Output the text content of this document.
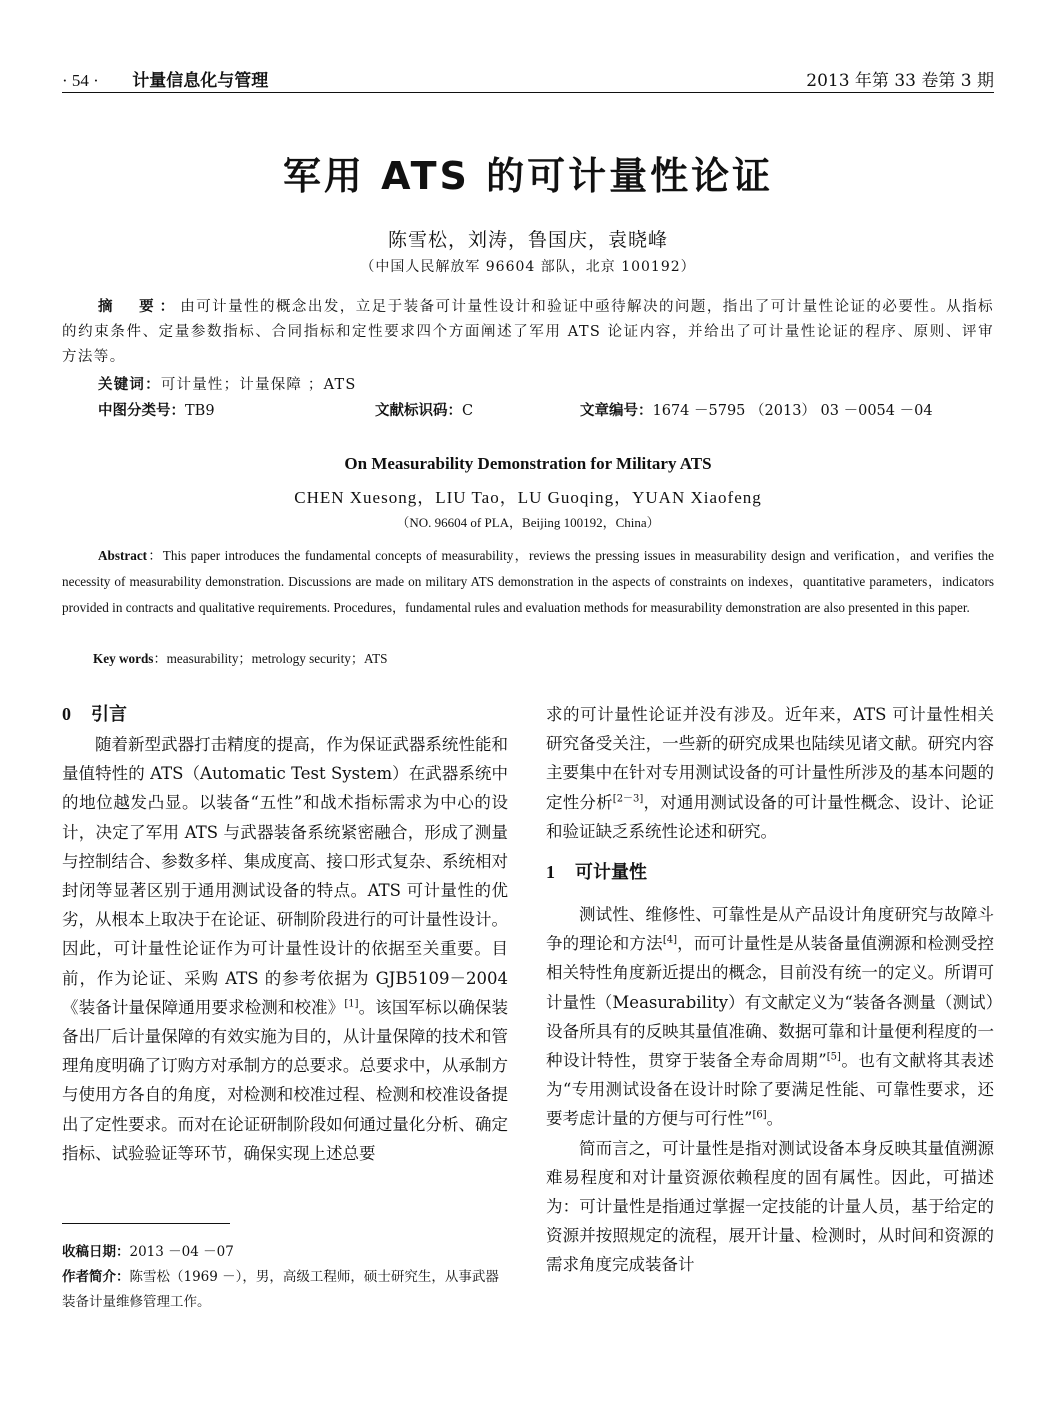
· 54 · 计量信息化与管理	2013 年第 33 卷第 3 期
军用 ATS 的可计量性论证
陈雪松，刘涛，鲁国庆，袁晓峰
（中国人民解放军 96604 部队，北京 100192）
摘　要：由可计量性的概念出发，立足于装备可计量性设计和验证中亟待解决的问题，指出了可计量性论证的必要性。从指标的约束条件、定量参数指标、合同指标和定性要求四个方面阐述了军用 ATS 论证内容，并给出了可计量性论证的程序、原则、评审方法等。
关键词：可计量性；计量保障 ；ATS
中图分类号：TB9	文献标识码：C	文章编号：1674 －5795 （2013） 03 －0054 －04
On Measurability Demonstration for Military ATS
CHEN Xuesong，LIU Tao，LU Guoqing，YUAN Xiaofeng
（NO. 96604 of PLA，Beijing 100192，China）
Abstract：This paper introduces the fundamental concepts of measurability，reviews the pressing issues in measurability design and verification，and verifies the necessity of measurability demonstration. Discussions are made on military ATS demonstration in the aspects of constraints on indexes，quantitative parameters，indicators provided in contracts and qualitative requirements. Procedures，fundamental rules and evaluation methods for measurability demonstration are also presented in this paper.
Key words：measurability；metrology security；ATS
0 引言

随着新型武器打击精度的提高，作为保证武器系统性能和量值特性的 ATS（Automatic Test System）在武器系统中的地位越发凸显。以装备“五性”和战术指标需求为中心的设计，决定了军用 ATS 与武器装备系统紧密融合，形成了测量与控制结合、参数多样、集成度高、接口形式复杂、系统相对封闭等显著区别于通用测试设备的特点。ATS 可计量性的优劣，从根本上取决于在论证、研制阶段进行的可计量性设计。因此，可计量性论证作为可计量性设计的依据至关重要。目前，作为论证、采购 ATS 的参考依据为 GJB5109－2004《装备计量保障通用要求检测和校准》[1]。该国军标以确保装备出厂后计量保障的有效实施为目的，从计量保障的技术和管理角度明确了订购方对承制方的总要求。总要求中，从承制方与使用方各自的角度，对检测和校准过程、检测和校准设备提出了定性要求。而对在论证研制阶段如何通过量化分析、确定指标、试验验证等环节，确保实现上述总要

求的可计量性论证并没有涉及。近年来，ATS 可计量性相关研究备受关注，一些新的研究成果也陆续见诸文献。研究内容主要集中在针对专用测试设备的可计量性所涉及的基本问题的定性分析[2－3]，对通用测试设备的可计量性概念、设计、论证和验证缺乏系统性论述和研究。

1 可计量性

测试性、维修性、可靠性是从产品设计角度研究与故障斗争的理论和方法[4]，而可计量性是从装备量值溯源和检测受控相关特性角度新近提出的概念，目前没有统一的定义。所谓可计量性（Measurability）有文献定义为“装备各测量（测试）设备所具有的反映其量值准确、数据可靠和计量便利程度的一种设计特性，贯穿于装备全寿命周期”[5]。也有文献将其表述为“专用测试设备在设计时除了要满足性能、可靠性要求，还要考虑计量的方便与可行性”[6]。

简而言之，可计量性是指对测试设备本身反映其量值溯源难易程度和对计量资源依赖程度的固有属性。因此，可描述为：可计量性是指通过掌握一定技能的计量人员，基于给定的资源并按照规定的流程，展开计量、检测时，从时间和资源的需求角度完成装备计

收稿日期：2013 －04 －07
作者简介：陈雪松（1969 －），男，高级工程师，硕士研究生，从事武器装备计量维修管理工作。
